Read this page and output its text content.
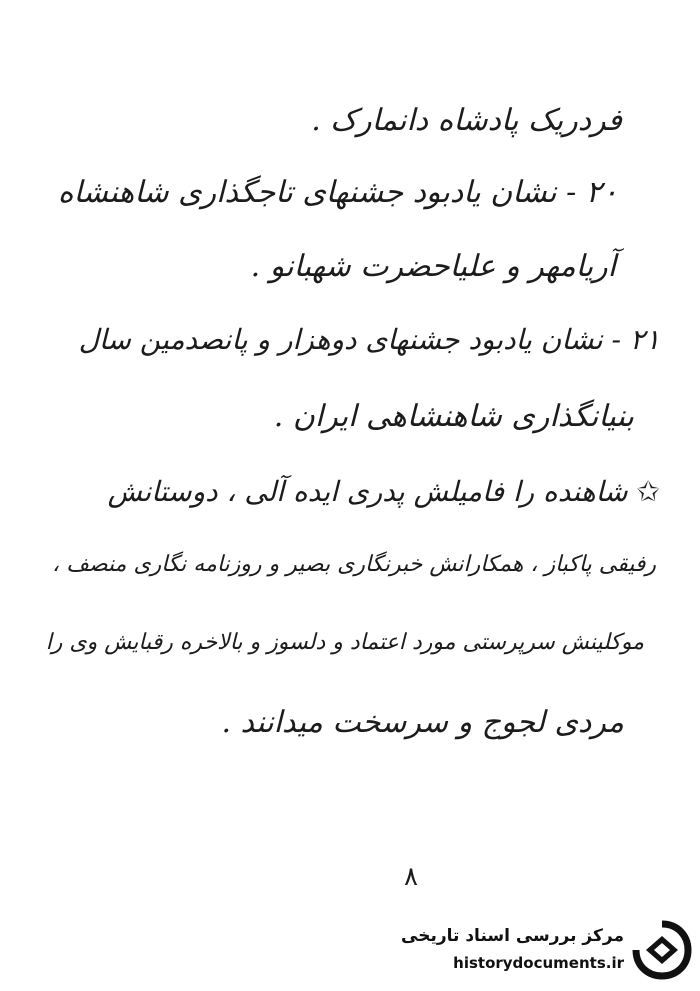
فردریک پادشاه دانمارک .
۲۰ - نشان یادبود جشنهای تاجگذاری شاهنشاه
آریامهر و علیاحضرت شهبانو .
۲۱ - نشان یادبود جشنهای دوهزار و پانصدمین سال
بنیانگذاری شاهنشاهی ایران .
✩ شاهنده را فامیلش پدری ایده آلی ، دوستانش
رفیقی پاکباز ، همکارانش خبرنگاری بصیر و روزنامه نگاری منصف ،
موکلینش سرپرستی مورد اعتماد و دلسوز و بالاخره رقبایش وی را
مردی لجوج و سرسخت میدانند .
۸
مرکز بررسی اسناد تاریخی
historydocuments.ir
